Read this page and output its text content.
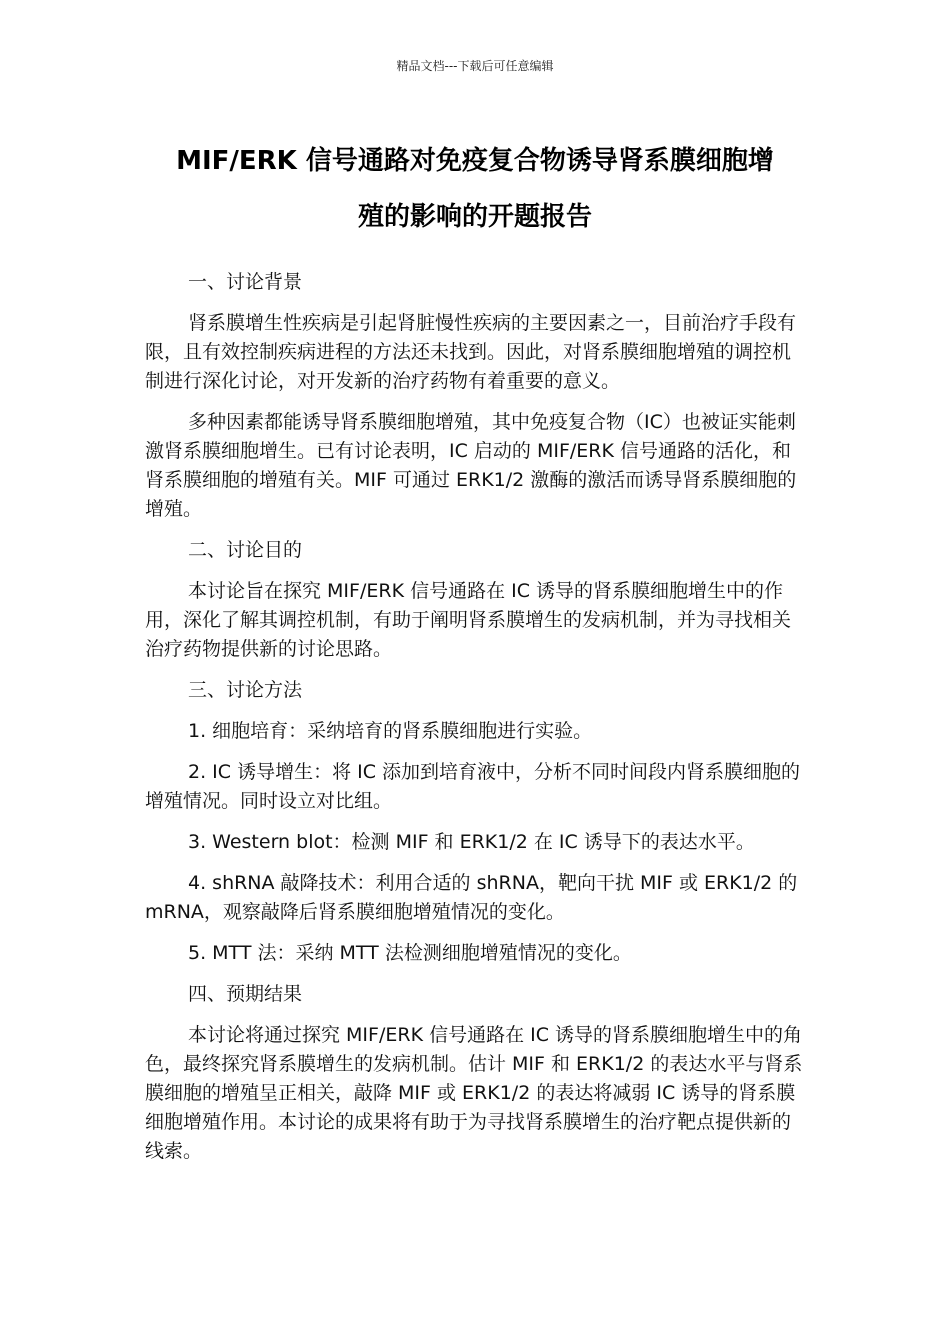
精品文档---下载后可任意编辑
MIF/ERK 信号通路对免疫复合物诱导肾系膜细胞增
殖的影响的开题报告

一、讨论背景

肾系膜增生性疾病是引起肾脏慢性疾病的主要因素之一，目前治疗手段有限，且有效控制疾病进程的方法还未找到。因此，对肾系膜细胞增殖的调控机制进行深化讨论，对开发新的治疗药物有着重要的意义。

多种因素都能诱导肾系膜细胞增殖，其中免疫复合物（IC）也被证实能刺激肾系膜细胞增生。已有讨论表明，IC 启动的 MIF/ERK 信号通路的活化，和肾系膜细胞的增殖有关。MIF 可通过 ERK1/2 激酶的激活而诱导肾系膜细胞的增殖。

二、讨论目的

本讨论旨在探究 MIF/ERK 信号通路在 IC 诱导的肾系膜细胞增生中的作用，深化了解其调控机制，有助于阐明肾系膜增生的发病机制，并为寻找相关治疗药物提供新的讨论思路。

三、讨论方法

1. 细胞培育：采纳培育的肾系膜细胞进行实验。

2. IC 诱导增生：将 IC 添加到培育液中，分析不同时间段内肾系膜细胞的增殖情况。同时设立对比组。

3. Western blot：检测 MIF 和 ERK1/2 在 IC 诱导下的表达水平。

4. shRNA 敲降技术：利用合适的 shRNA，靶向干扰 MIF 或 ERK1/2 的 mRNA，观察敲降后肾系膜细胞增殖情况的变化。

5. MTT 法：采纳 MTT 法检测细胞增殖情况的变化。

四、预期结果

本讨论将通过探究 MIF/ERK 信号通路在 IC 诱导的肾系膜细胞增生中的角色，最终探究肾系膜增生的发病机制。估计 MIF 和 ERK1/2 的表达水平与肾系膜细胞的增殖呈正相关，敲降 MIF 或 ERK1/2 的表达将减弱 IC 诱导的肾系膜细胞增殖作用。本讨论的成果将有助于为寻找肾系膜增生的治疗靶点提供新的线索。
